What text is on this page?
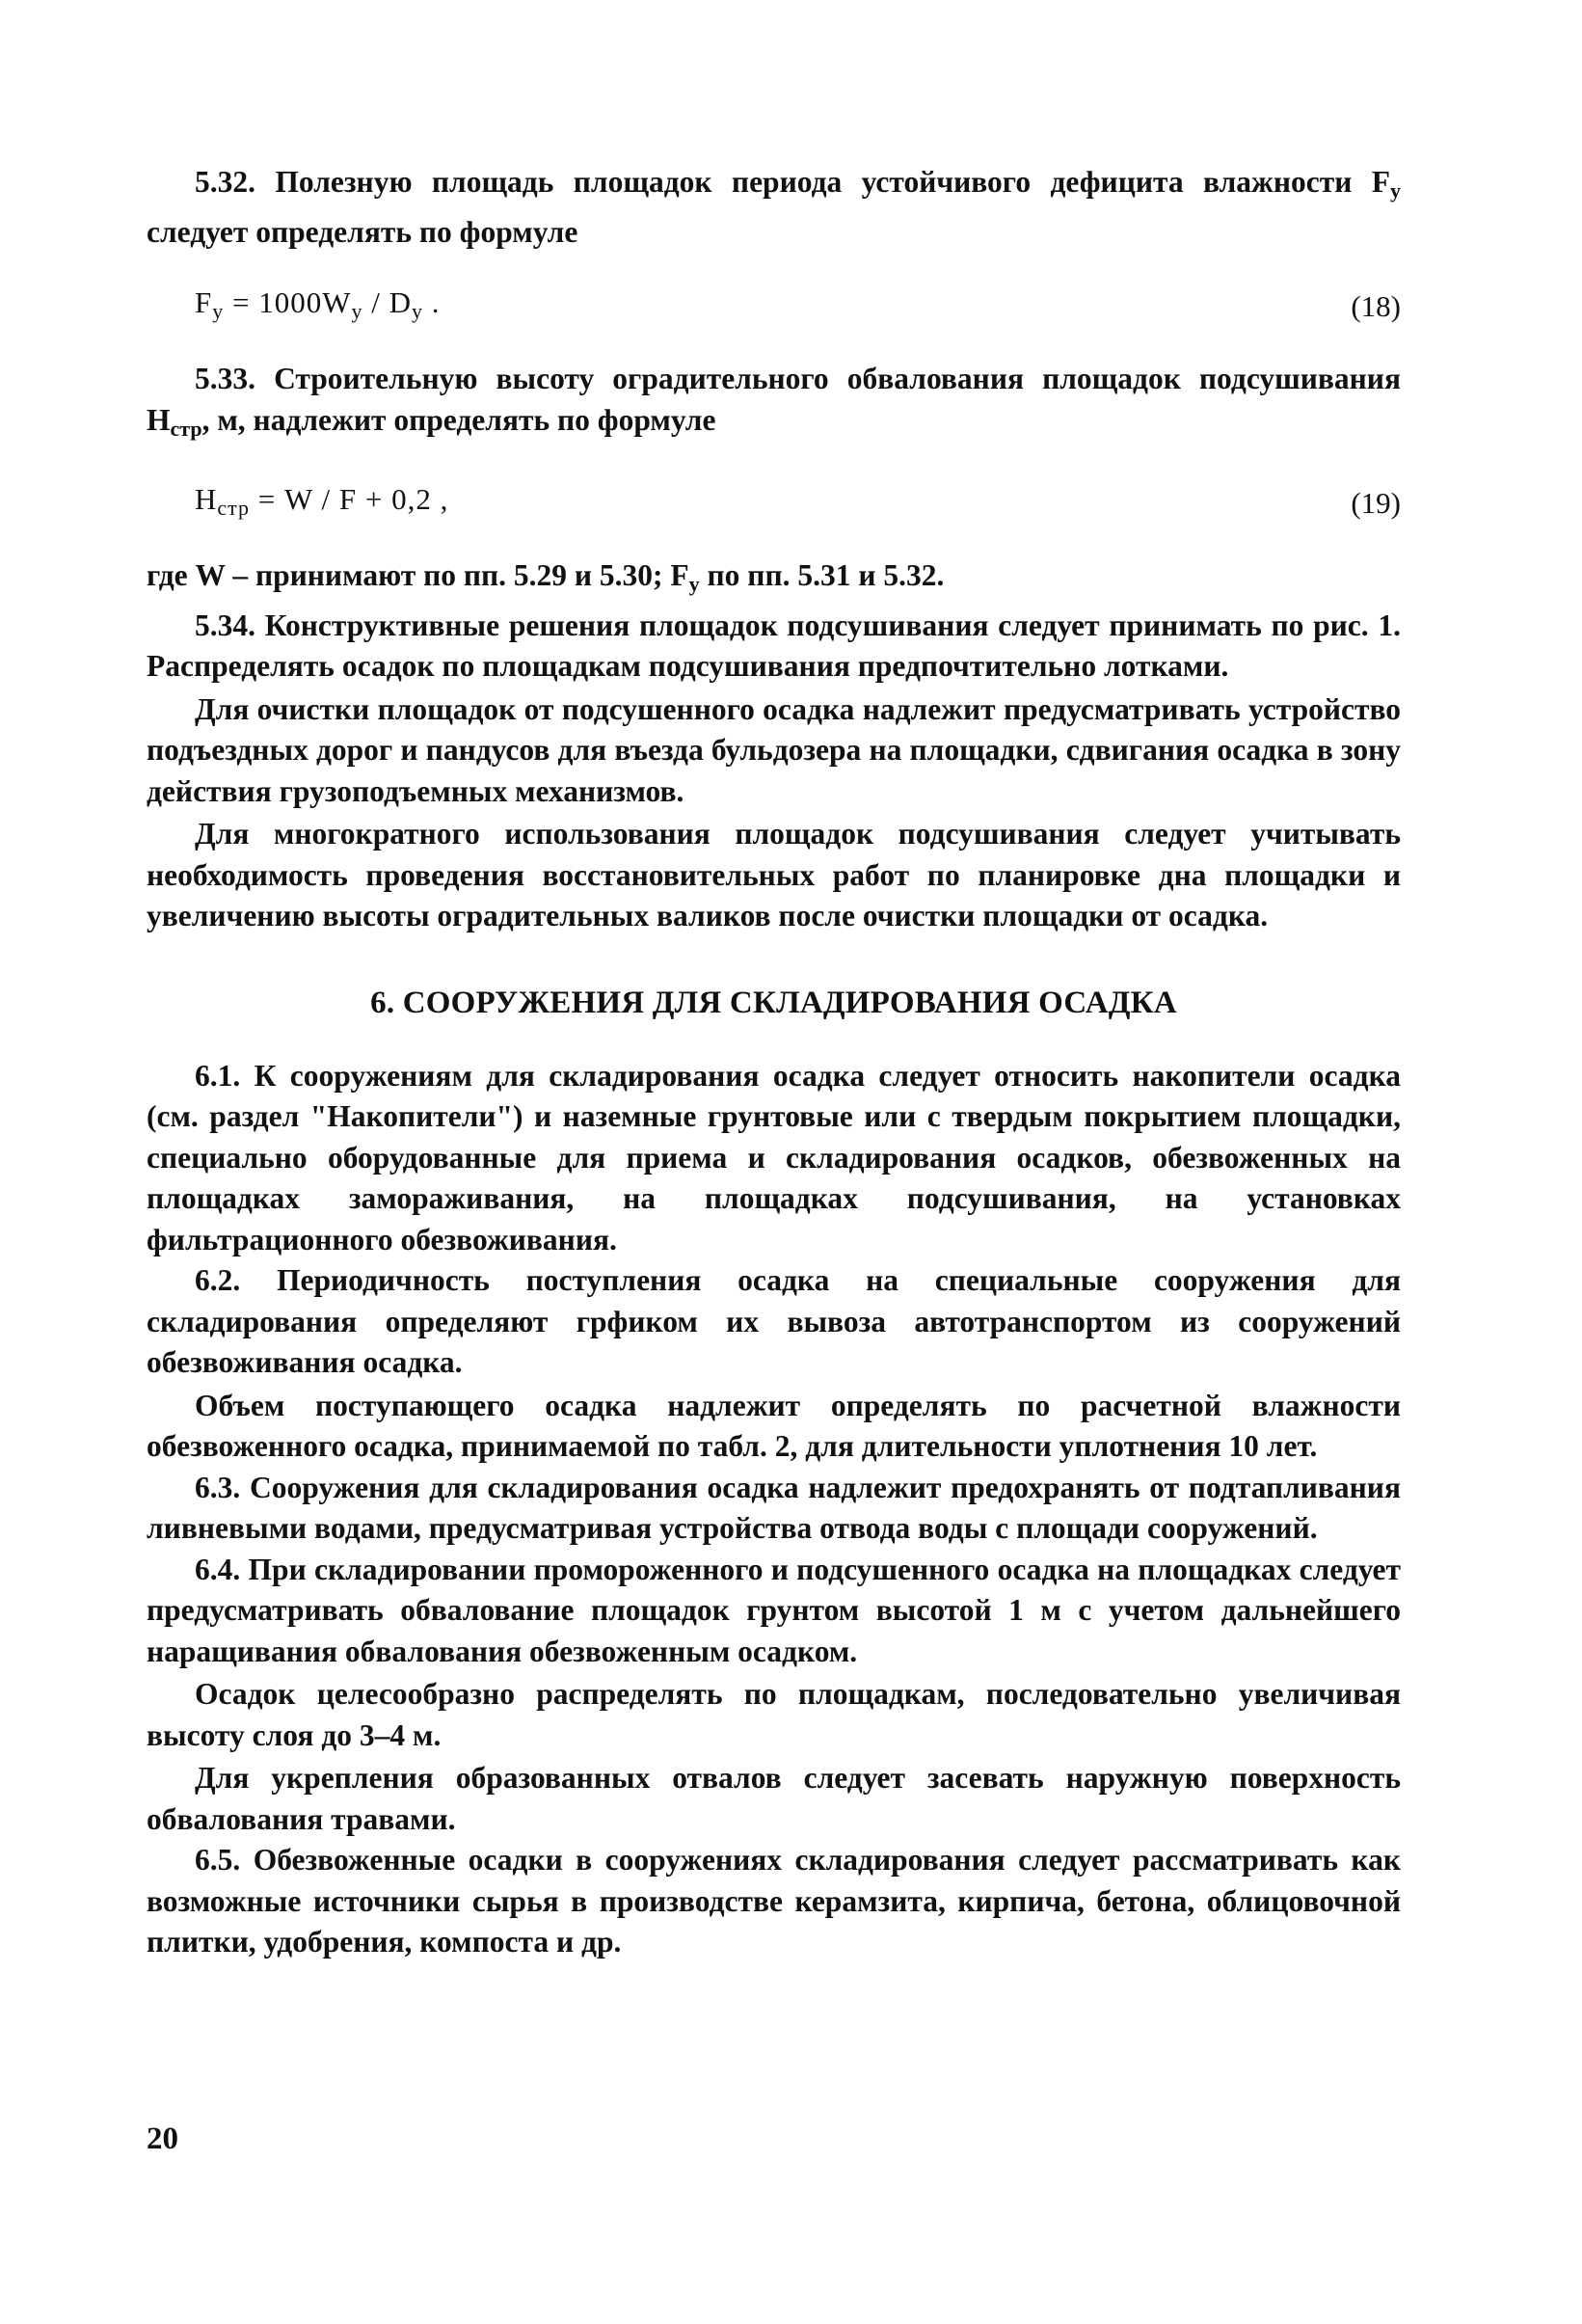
5.32. Полезную площадь площадок периода устойчивого дефицита влажности $F_y$ следует определять по формуле

$F_y = 1000W_y / D_y$ .	(18)

5.33. Строительную высоту оградительного обвалования площадок подсушивания $H_{стр}$, м, надлежит определять по формуле

$H_{стр} = W / F + 0,2$ ,	(19)

где W – принимают по пп. 5.29 и 5.30; $F_y$ по пп. 5.31 и 5.32.

5.34. Конструктивные решения площадок подсушивания следует принимать по рис. 1. Распределять осадок по площадкам подсушивания предпочтительно лотками.

Для очистки площадок от подсушенного осадка надлежит предусматривать устройство подъездных дорог и пандусов для въезда бульдозера на площадки, сдвигания осадка в зону действия грузоподъемных механизмов.

Для многократного использования площадок подсушивания следует учитывать необходимость проведения восстановительных работ по планировке дна площадки и увеличению высоты оградительных валиков после очистки площадки от осадка.

6. СООРУЖЕНИЯ ДЛЯ СКЛАДИРОВАНИЯ ОСАДКА

6.1. К сооружениям для складирования осадка следует относить накопители осадка (см. раздел "Накопители") и наземные грунтовые или с твердым покрытием площадки, специально оборудованные для приема и складирования осадков, обезвоженных на площадках замораживания, на площадках подсушивания, на установках фильтрационного обезвоживания.

6.2. Периодичность поступления осадка на специальные сооружения для складирования определяют грфиком их вывоза автотранспортом из сооружений обезвоживания осадка.

Объем поступающего осадка надлежит определять по расчетной влажности обезвоженного осадка, принимаемой по табл. 2, для длительности уплотнения 10 лет.

6.3. Сооружения для складирования осадка надлежит предохранять от подтапливания ливневыми водами, предусматривая устройства отвода воды с площади сооружений.

6.4. При складировании промороженного и подсушенного осадка на площадках следует предусматривать обвалование площадок грунтом высотой 1 м с учетом дальнейшего наращивания обвалования обезвоженным осадком.

Осадок целесообразно распределять по площадкам, последовательно увеличивая высоту слоя до 3–4 м.

Для укрепления образованных отвалов следует засевать наружную поверхность обвалования травами.

6.5. Обезвоженные осадки в сооружениях складирования следует рассматривать как возможные источники сырья в производстве керамзита, кирпича, бетона, облицовочной плитки, удобрения, компоста и др.

20
